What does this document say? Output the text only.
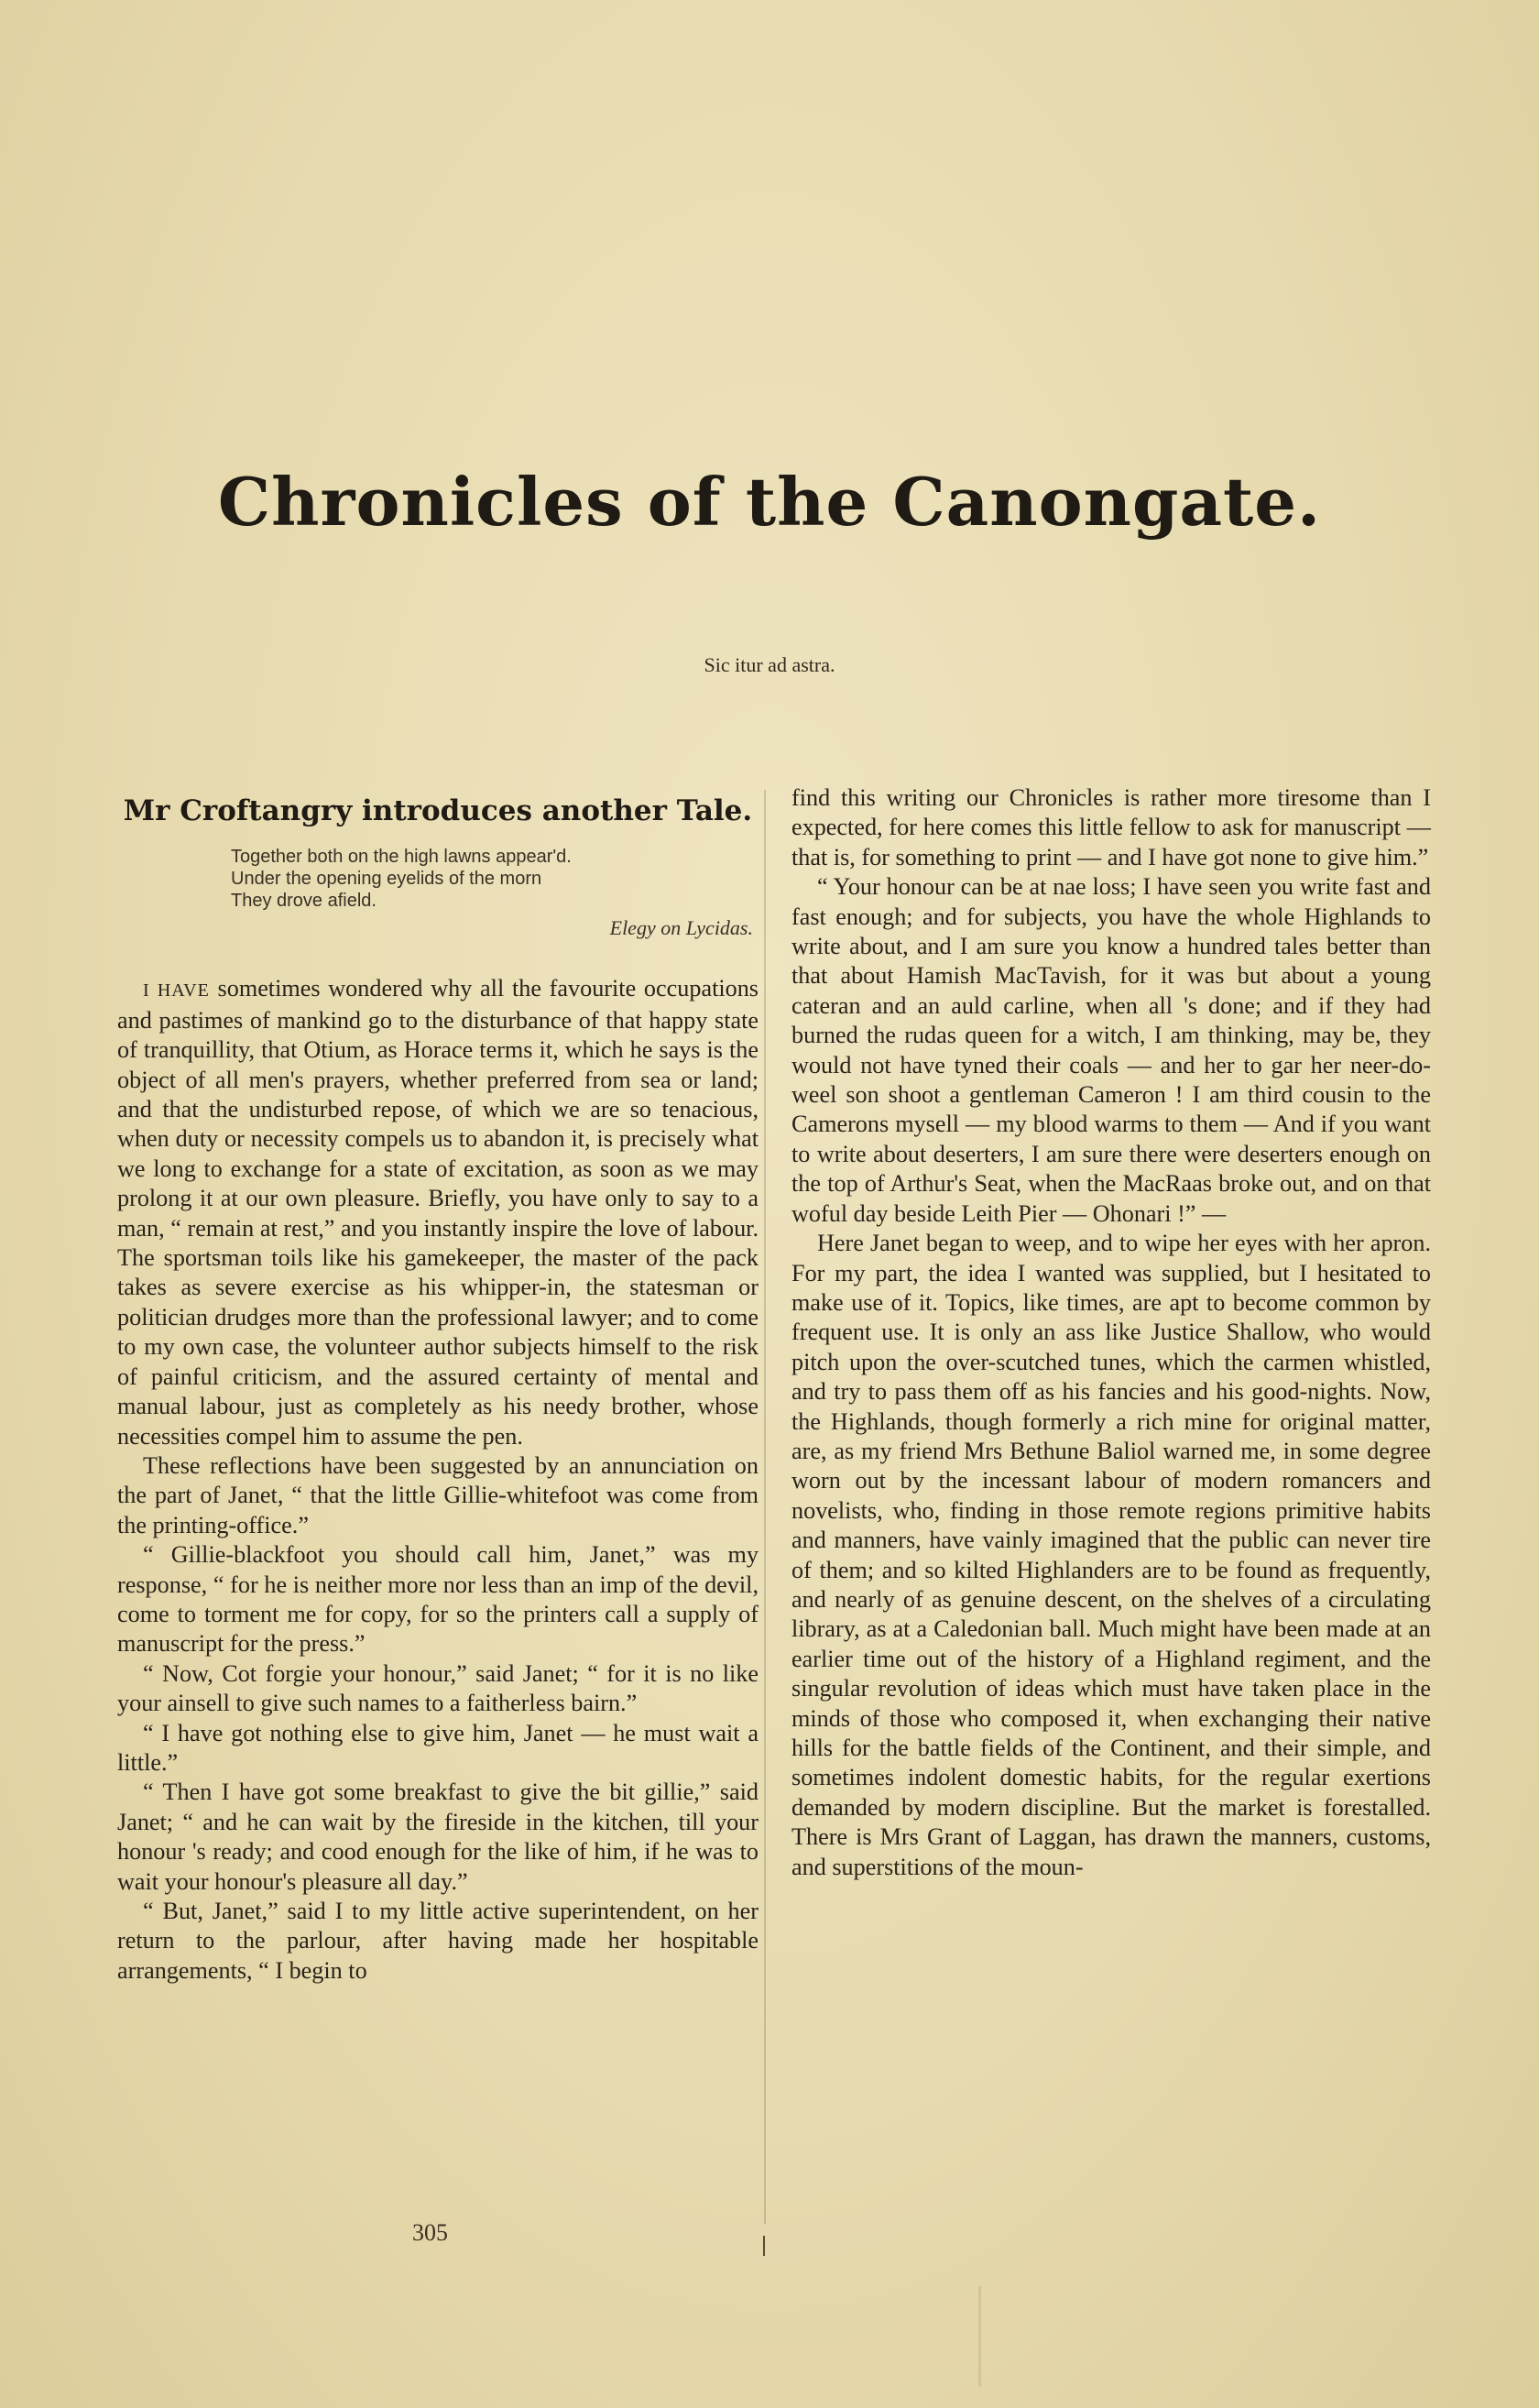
Chronicles of the Canongate.

Sic itur ad astra.

Mr Croftangry introduces another Tale.
Together both on the high lawns appear'd.
Under the opening eyelids of the morn
They drove afield.
Elegy on Lycidas.

I HAVE sometimes wondered why all the favourite occupations and pastimes of mankind go to the disturbance of that happy state of tranquillity, that Otium, as Horace terms it, which he says is the object of all men's prayers, whether preferred from sea or land; and that the undisturbed repose, of which we are so tenacious, when duty or necessity compels us to abandon it, is precisely what we long to exchange for a state of excitation, as soon as we may prolong it at our own pleasure. Briefly, you have only to say to a man, “ remain at rest,” and you instantly inspire the love of labour. The sportsman toils like his gamekeeper, the master of the pack takes as severe exercise as his whipper-in, the statesman or politician drudges more than the professional lawyer; and to come to my own case, the volunteer author subjects himself to the risk of painful criticism, and the assured certainty of mental and manual labour, just as completely as his needy brother, whose necessities compel him to assume the pen.

These reflections have been suggested by an annunciation on the part of Janet, “ that the little Gillie-whitefoot was come from the printing-office.”

“ Gillie-blackfoot you should call him, Janet,” was my response, “ for he is neither more nor less than an imp of the devil, come to torment me for copy, for so the printers call a supply of manuscript for the press.”

“ Now, Cot forgie your honour,” said Janet; “ for it is no like your ainsell to give such names to a faitherless bairn.”

“ I have got nothing else to give him, Janet — he must wait a little.”

“ Then I have got some breakfast to give the bit gillie,” said Janet; “ and he can wait by the fireside in the kitchen, till your honour 's ready; and cood enough for the like of him, if he was to wait your honour's pleasure all day.”

“ But, Janet,” said I to my little active superintendent, on her return to the parlour, after having made her hospitable arrangements, “ I begin to

find this writing our Chronicles is rather more tiresome than I expected, for here comes this little fellow to ask for manuscript — that is, for something to print — and I have got none to give him.”

“ Your honour can be at nae loss; I have seen you write fast and fast enough; and for subjects, you have the whole Highlands to write about, and I am sure you know a hundred tales better than that about Hamish MacTavish, for it was but about a young cateran and an auld carline, when all 's done; and if they had burned the rudas queen for a witch, I am thinking, may be, they would not have tyned their coals — and her to gar her neer-do-weel son shoot a gentleman Cameron ! I am third cousin to the Camerons mysell — my blood warms to them — And if you want to write about deserters, I am sure there were deserters enough on the top of Arthur's Seat, when the MacRaas broke out, and on that woful day beside Leith Pier — Ohonari !” —

Here Janet began to weep, and to wipe her eyes with her apron. For my part, the idea I wanted was supplied, but I hesitated to make use of it. Topics, like times, are apt to become common by frequent use. It is only an ass like Justice Shallow, who would pitch upon the over-scutched tunes, which the carmen whistled, and try to pass them off as his fancies and his good-nights. Now, the Highlands, though formerly a rich mine for original matter, are, as my friend Mrs Bethune Baliol warned me, in some degree worn out by the incessant labour of modern romancers and novelists, who, finding in those remote regions primitive habits and manners, have vainly imagined that the public can never tire of them; and so kilted Highlanders are to be found as frequently, and nearly of as genuine descent, on the shelves of a circulating library, as at a Caledonian ball. Much might have been made at an earlier time out of the history of a Highland regiment, and the singular revolution of ideas which must have taken place in the minds of those who composed it, when exchanging their native hills for the battle fields of the Continent, and their simple, and sometimes indolent domestic habits, for the regular exertions demanded by modern discipline. But the market is forestalled. There is Mrs Grant of Laggan, has drawn the manners, customs, and superstitions of the moun-

305
